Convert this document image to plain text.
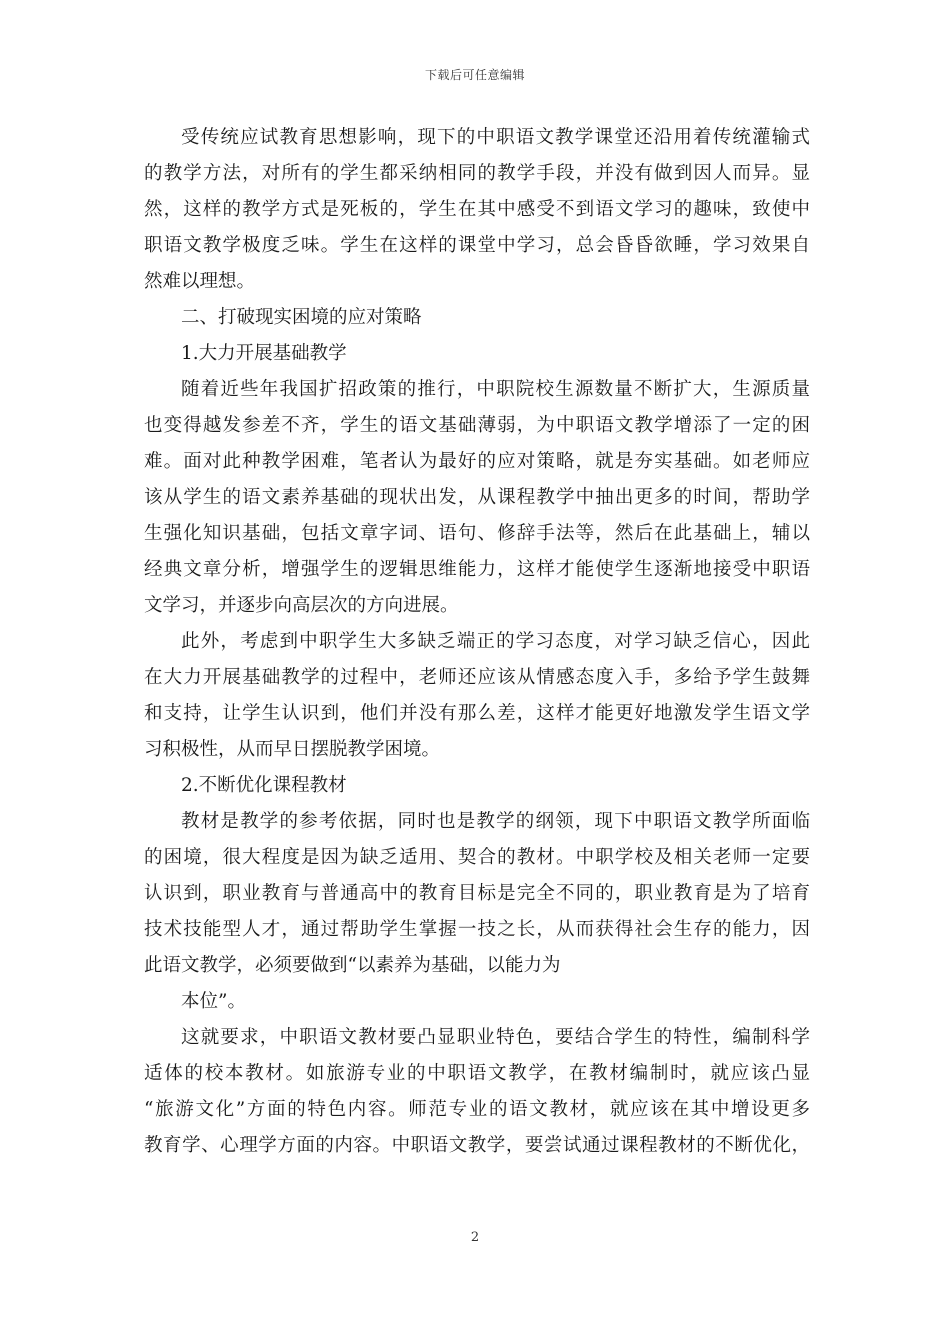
下载后可任意编辑
受传统应试教育思想影响，现下的中职语文教学课堂还沿用着传统灌输式
的教学方法，对所有的学生都采纳相同的教学手段，并没有做到因人而异。显
然，这样的教学方式是死板的，学生在其中感受不到语文学习的趣味，致使中
职语文教学极度乏味。学生在这样的课堂中学习，总会昏昏欲睡，学习效果自
然难以理想。
二、打破现实困境的应对策略
1.大力开展基础教学
随着近些年我国扩招政策的推行，中职院校生源数量不断扩大，生源质量
也变得越发参差不齐，学生的语文基础薄弱，为中职语文教学增添了一定的困
难。面对此种教学困难，笔者认为最好的应对策略，就是夯实基础。如老师应
该从学生的语文素养基础的现状出发，从课程教学中抽出更多的时间，帮助学
生强化知识基础，包括文章字词、语句、修辞手法等，然后在此基础上，辅以
经典文章分析，增强学生的逻辑思维能力，这样才能使学生逐渐地接受中职语
文学习，并逐步向高层次的方向进展。
此外，考虑到中职学生大多缺乏端正的学习态度，对学习缺乏信心，因此
在大力开展基础教学的过程中，老师还应该从情感态度入手，多给予学生鼓舞
和支持，让学生认识到，他们并没有那么差，这样才能更好地激发学生语文学
习积极性，从而早日摆脱教学困境。
2.不断优化课程教材
教材是教学的参考依据，同时也是教学的纲领，现下中职语文教学所面临
的困境，很大程度是因为缺乏适用、契合的教材。中职学校及相关老师一定要
认识到，职业教育与普通高中的教育目标是完全不同的，职业教育是为了培育
技术技能型人才，通过帮助学生掌握一技之长，从而获得社会生存的能力，因
此语文教学，必须要做到“以素养为基础，以能力为
本位”。
这就要求，中职语文教材要凸显职业特色，要结合学生的特性，编制科学
适体的校本教材。如旅游专业的中职语文教学，在教材编制时，就应该凸显
“旅游文化”方面的特色内容。师范专业的语文教材，就应该在其中增设更多
教育学、心理学方面的内容。中职语文教学，要尝试通过课程教材的不断优化，
2
